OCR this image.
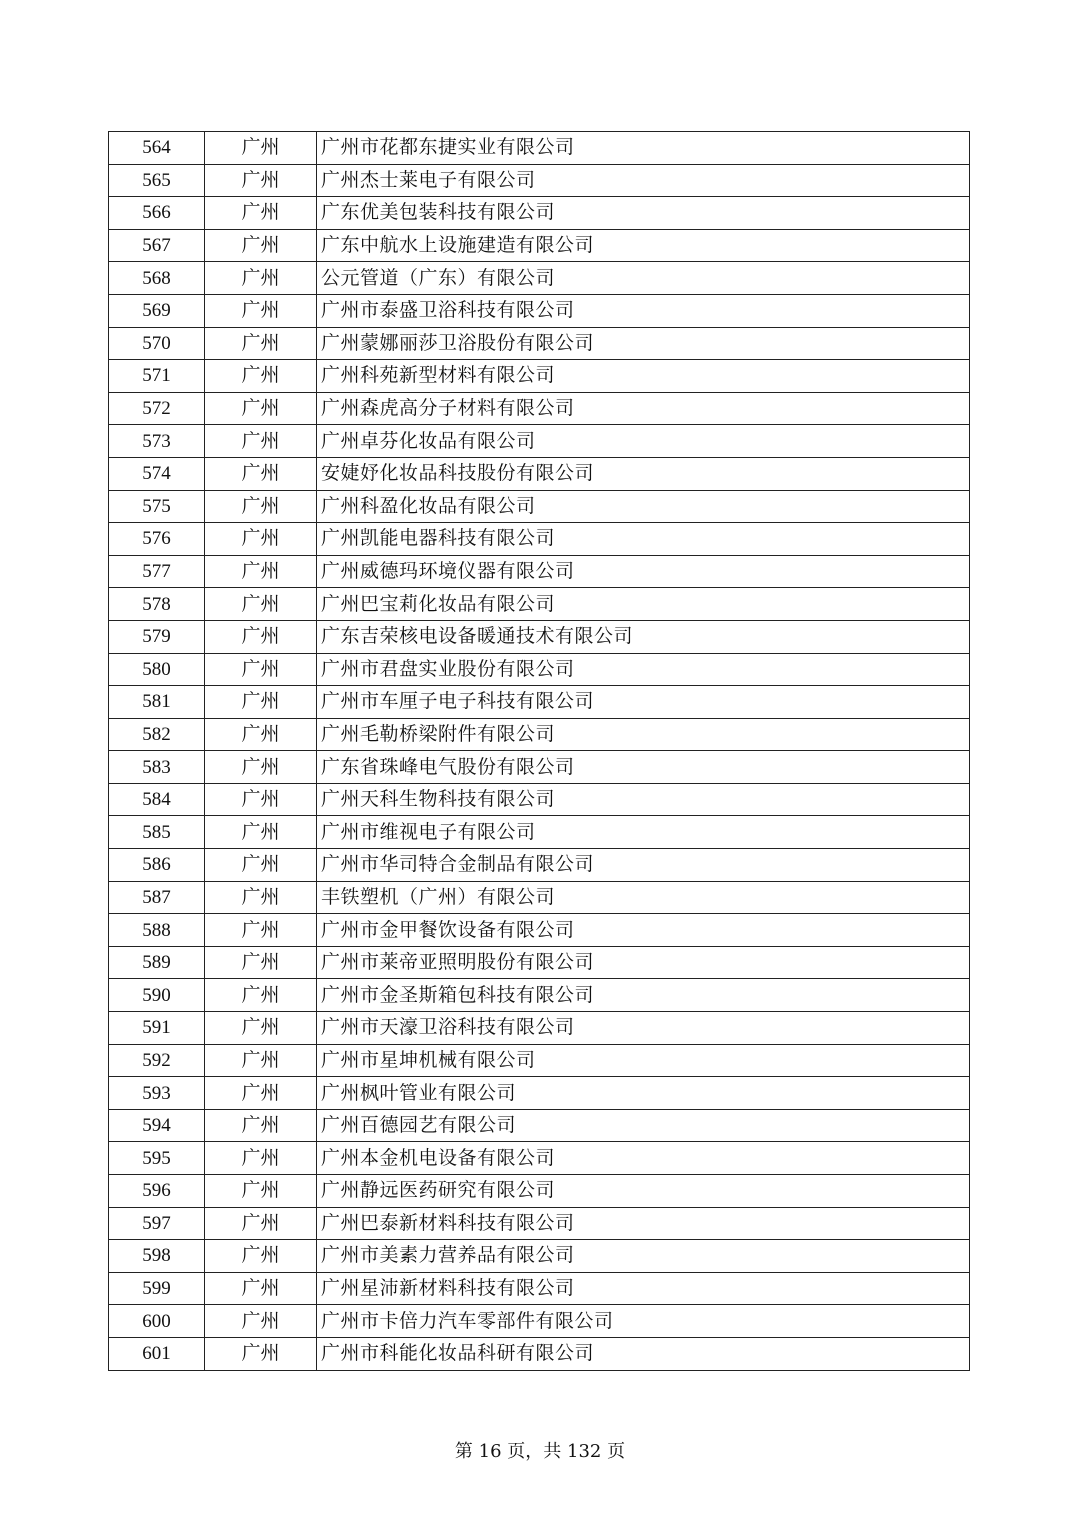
564	广州	广州市花都东捷实业有限公司
565	广州	广州杰士莱电子有限公司
566	广州	广东优美包装科技有限公司
567	广州	广东中航水上设施建造有限公司
568	广州	公元管道（广东）有限公司
569	广州	广州市泰盛卫浴科技有限公司
570	广州	广州蒙娜丽莎卫浴股份有限公司
571	广州	广州科苑新型材料有限公司
572	广州	广州森虎高分子材料有限公司
573	广州	广州卓芬化妆品有限公司
574	广州	安婕妤化妆品科技股份有限公司
575	广州	广州科盈化妆品有限公司
576	广州	广州凯能电器科技有限公司
577	广州	广州威德玛环境仪器有限公司
578	广州	广州巴宝莉化妆品有限公司
579	广州	广东吉荣核电设备暖通技术有限公司
580	广州	广州市君盘实业股份有限公司
581	广州	广州市车厘子电子科技有限公司
582	广州	广州毛勒桥梁附件有限公司
583	广州	广东省珠峰电气股份有限公司
584	广州	广州天科生物科技有限公司
585	广州	广州市维视电子有限公司
586	广州	广州市华司特合金制品有限公司
587	广州	丰铁塑机（广州）有限公司
588	广州	广州市金甲餐饮设备有限公司
589	广州	广州市莱帝亚照明股份有限公司
590	广州	广州市金圣斯箱包科技有限公司
591	广州	广州市天濠卫浴科技有限公司
592	广州	广州市星坤机械有限公司
593	广州	广州枫叶管业有限公司
594	广州	广州百德园艺有限公司
595	广州	广州本金机电设备有限公司
596	广州	广州静远医药研究有限公司
597	广州	广州巴泰新材料科技有限公司
598	广州	广州市美素力营养品有限公司
599	广州	广州星沛新材料科技有限公司
600	广州	广州市卡倍力汽车零部件有限公司
601	广州	广州市科能化妆品科研有限公司
第 16 页，共 132 页
